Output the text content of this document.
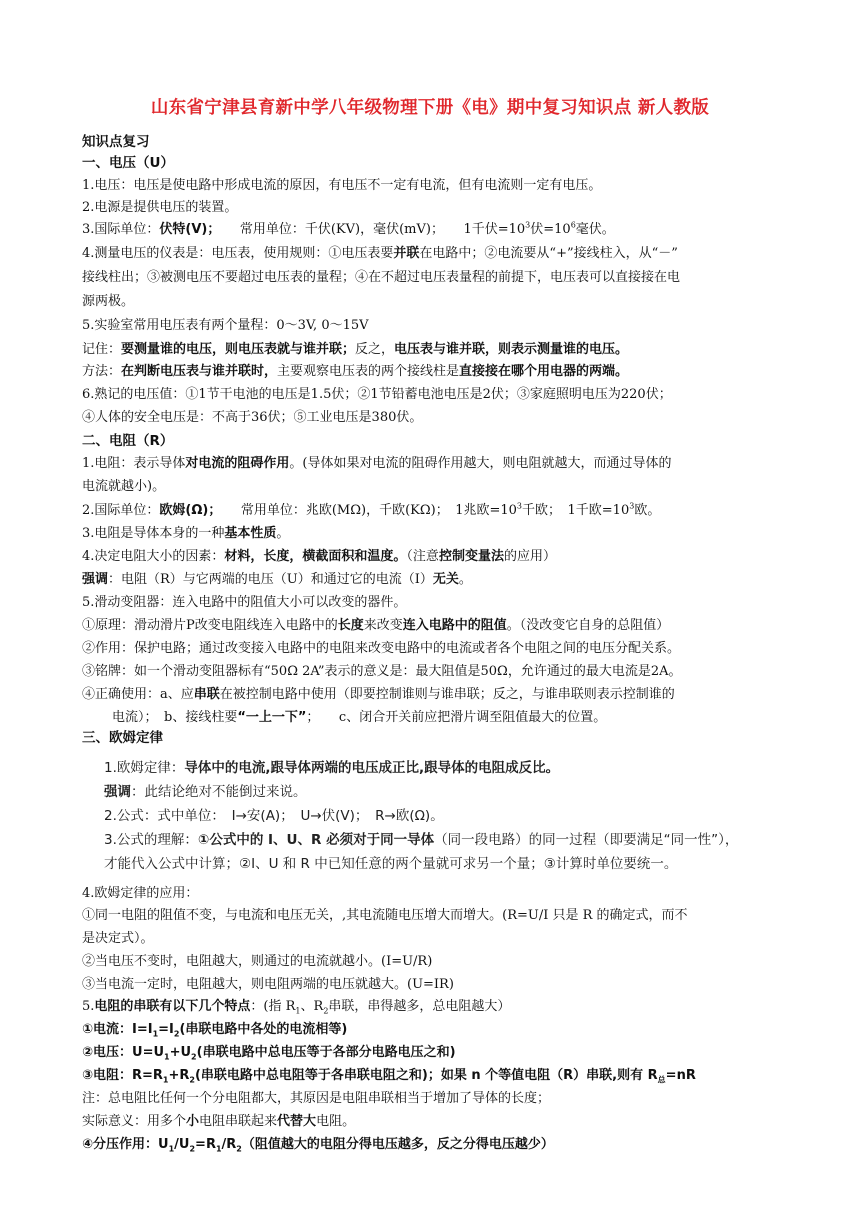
山东省宁津县育新中学八年级物理下册《电》期中复习知识点 新人教版
知识点复习
一、电压（U）
1.电压：电压是使电路中形成电流的原因，有电压不一定有电流，但有电流则一定有电压。
2.电源是提供电压的装置。
3.国际单位：伏特(V)；　　常用单位：千伏(KV)，毫伏(mV)；　　1千伏$=10^3$伏$=10^6$毫伏。
4.测量电压的仪表是：电压表，使用规则：①电压表要并联在电路中；②电流要从“+”接线柱入，从“－”
接线柱出；③被测电压不要超过电压表的量程；④在不超过电压表量程的前提下，电压表可以直接接在电
源两极。
5.实验室常用电压表有两个量程：0～3V, 0～15V
记住：要测量谁的电压，则电压表就与谁并联；反之，电压表与谁并联，则表示测量谁的电压。
方法：在判断电压表与谁并联时，主要观察电压表的两个接线柱是直接接在哪个用电器的两端。
6.熟记的电压值：①1节干电池的电压是1.5伏；②1节铅蓄电池电压是2伏；③家庭照明电压为220伏；
④人体的安全电压是：不高于36伏；⑤工业电压是380伏。
二、电阻（R）
1.电阻：表示导体对电流的阻碍作用。(导体如果对电流的阻碍作用越大，则电阻就越大，而通过导体的
电流就越小)。
2.国际单位：欧姆(Ω)；　　常用单位：兆欧(MΩ)，千欧(KΩ)；　1兆欧$=10^3$千欧；　1千欧$=10^3$欧。
3.电阻是导体本身的一种基本性质。
4.决定电阻大小的因素：材料，长度，横截面积和温度。（注意控制变量法的应用）
强调：电阻（R）与它两端的电压（U）和通过它的电流（I）无关。
5.滑动变阻器：连入电路中的阻值大小可以改变的器件。
①原理：滑动滑片P改变电阻线连入电路中的长度来改变连入电路中的阻值。（没改变它自身的总阻值）
②作用：保护电路；通过改变接入电路中的电阻来改变电路中的电流或者各个电阻之间的电压分配关系。
③铭牌：如一个滑动变阻器标有“50Ω 2A”表示的意义是：最大阻值是50Ω，允许通过的最大电流是2A。
④正确使用：a、应串联在被控制电路中使用（即要控制谁则与谁串联；反之，与谁串联则表示控制谁的
电流）；　b、接线柱要“一上一下”；　　c、闭合开关前应把滑片调至阻值最大的位置。
三、欧姆定律
1.欧姆定律：导体中的电流,跟导体两端的电压成正比,跟导体的电阻成反比。
强调：此结论绝对不能倒过来说。
2.公式：式中单位：　I→安(A)；　U→伏(V)；　R→欧(Ω)。
3.公式的理解：①公式中的 I、U、R 必须对于同一导体（同一段电路）的同一过程（即要满足“同一性”），
才能代入公式中计算；②I、U 和 R 中已知任意的两个量就可求另一个量；③计算时单位要统一。
4.欧姆定律的应用：
①同一电阻的阻值不变，与电流和电压无关，,其电流随电压增大而增大。(R=U/I 只是 R 的确定式，而不
是决定式）。
②当电压不变时，电阻越大，则通过的电流就越小。(I=U/R)
③当电流一定时，电阻越大，则电阻两端的电压就越大。(U=IR)
5.电阻的串联有以下几个特点：(指 $R_1$、$R_2$串联，串得越多，总电阻越大）
①电流：$I=I_1=I_2$(串联电路中各处的电流相等)
②电压：$U=U_1+U_2$(串联电路中总电压等于各部分电路电压之和)
③电阻：$R=R_1+R_2$(串联电路中总电阻等于各串联电阻之和)；如果 n 个等值电阻（R）串联,则有 $R_总=nR$
注：总电阻比任何一个分电阻都大，其原因是电阻串联相当于增加了导体的长度；
实际意义：用多个小电阻串联起来代替大电阻。
④分压作用：$U_1/U_2=R_1/R_2$（阻值越大的电阻分得电压越多，反之分得电压越少）
